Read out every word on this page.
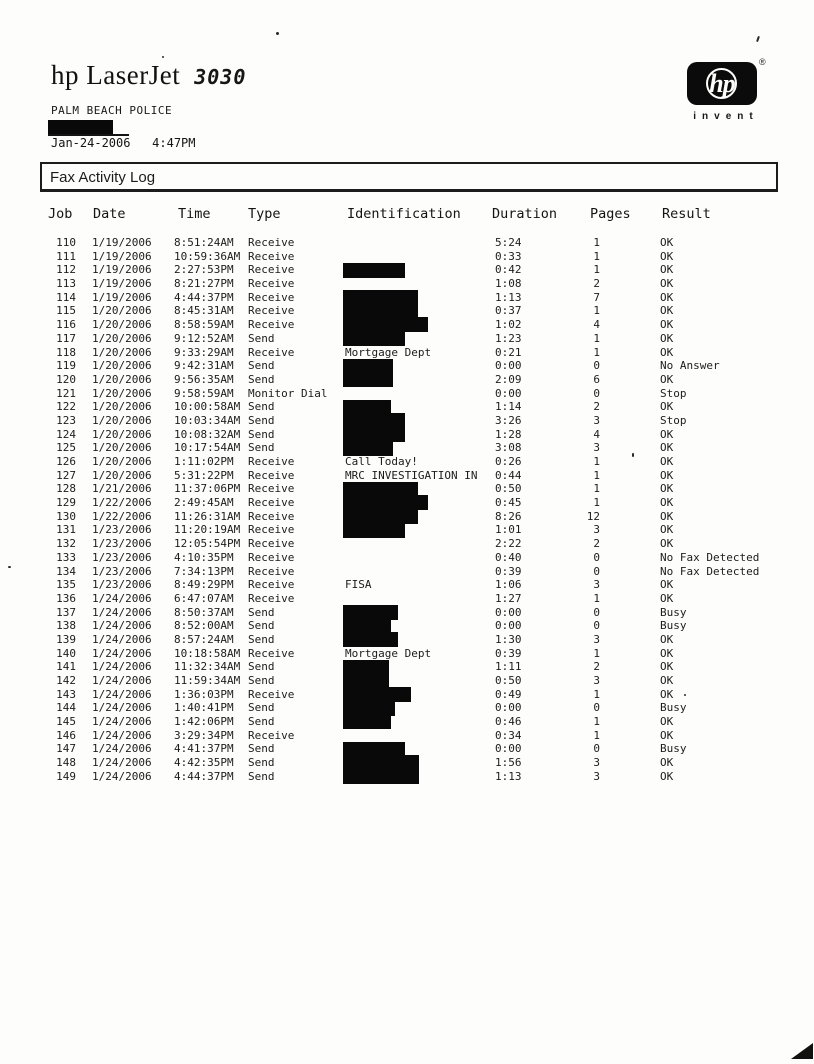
hp LaserJet 3030	hp
®
invent
PALM BEACH POLICE
Jan-24-2006   4:47PM
Fax Activity Log
Job Date	Time	Type	Identification Duration Pages Result
110 1/19/2006 8:51:24AM Receive	5:24	1	OK
111 1/19/2006 10:59:36AM Receive	0:33	1	OK
112 1/19/2006 2:27:53PM Receive	0:42	1	OK
113 1/19/2006 8:21:27PM Receive	1:08	2	OK
114 1/19/2006 4:44:37PM Receive	1:13	7	OK
115 1/20/2006 8:45:31AM Receive	0:37	1	OK
116 1/20/2006 8:58:59AM Receive	1:02	4	OK
117 1/20/2006 9:12:52AM Send	1:23	1	OK
118 1/20/2006 9:33:29AM Receive	Mortgage Dept	0:21	1	OK
119 1/20/2006 9:42:31AM Send	0:00	0	No Answer
120 1/20/2006 9:56:35AM Send	2:09	6	OK
121 1/20/2006 9:58:59AM Monitor Dial	0:00	0	Stop
122 1/20/2006 10:00:58AM Send	1:14	2	OK
123 1/20/2006 10:03:34AM Send	3:26	3	Stop
124 1/20/2006 10:08:32AM Send	1:28	4	OK
125 1/20/2006 10:17:54AM Send	3:08	3	OK
126 1/20/2006 1:11:02PM Receive	Call Today!	0:26	1	OK
127 1/20/2006 5:31:22PM Receive	MRC INVESTIGATION IN 0:44	1	OK
128 1/21/2006 11:37:06PM Receive	0:50	1	OK
129 1/22/2006 2:49:45AM Receive	0:45	1	OK
130 1/22/2006 11:26:31AM Receive	8:26	12	OK
131 1/23/2006 11:20:19AM Receive	1:01	3	OK
132 1/23/2006 12:05:54PM Receive	2:22	2	OK
133 1/23/2006 4:10:35PM Receive	0:40	0	No Fax Detected
134 1/23/2006 7:34:13PM Receive	0:39	0	No Fax Detected
135 1/23/2006 8:49:29PM Receive	FISA	1:06	3	OK
136 1/24/2006 6:47:07AM Receive	1:27	1	OK
137 1/24/2006 8:50:37AM Send	0:00	0	Busy
138 1/24/2006 8:52:00AM Send	0:00	0	Busy
139 1/24/2006 8:57:24AM Send	1:30	3	OK
140 1/24/2006 10:18:58AM Receive	Mortgage Dept	0:39	1	OK
141 1/24/2006 11:32:34AM Send	1:11	2	OK
142 1/24/2006 11:59:34AM Send	0:50	3	OK
143 1/24/2006 1:36:03PM Receive	0:49	1	OK
144 1/24/2006 1:40:41PM Send	0:00	0	Busy
145 1/24/2006 1:42:06PM Send	0:46	1	OK
146 1/24/2006 3:29:34PM Receive	0:34	1	OK
147 1/24/2006 4:41:37PM Send	0:00	0	Busy
148 1/24/2006 4:42:35PM Send	1:56	3	OK
149 1/24/2006 4:44:37PM Send	1:13	3	OK
